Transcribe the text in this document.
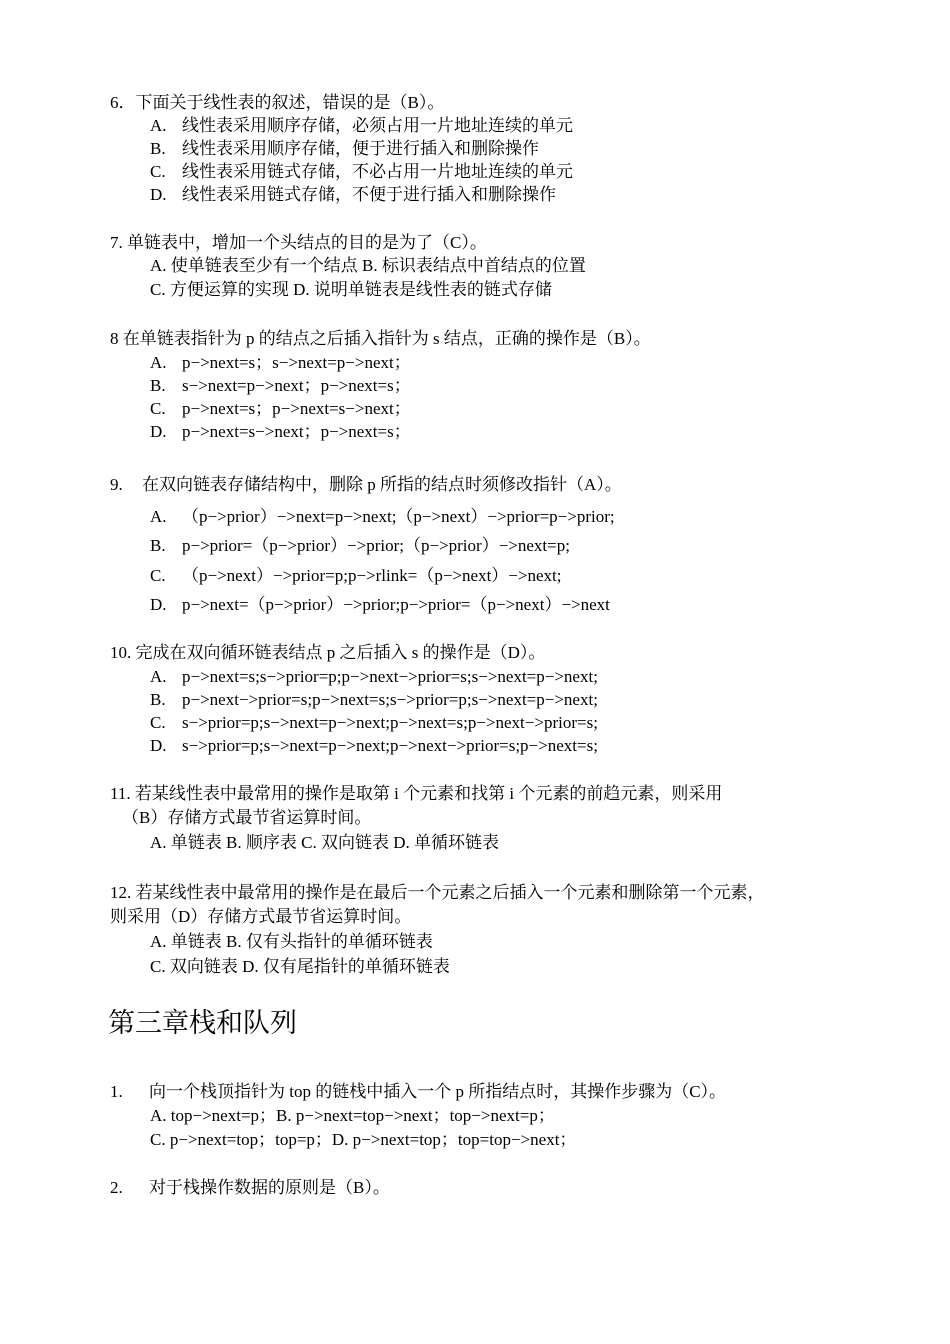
6．下面关于线性表的叙述，错误的是（B）。
A. 线性表采用顺序存储，必须占用一片地址连续的单元
B. 线性表采用顺序存储，便于进行插入和删除操作
C. 线性表采用链式存储，不必占用一片地址连续的单元
D. 线性表采用链式存储，不便于进行插入和删除操作
7. 单链表中，增加一个头结点的目的是为了（C）。
A. 使单链表至少有一个结点 B. 标识表结点中首结点的位置
C. 方便运算的实现 D. 说明单链表是线性表的链式存储
8 在单链表指针为 p 的结点之后插入指针为 s 结点，正确的操作是（B）。
A. p−>next=s；s−>next=p−>next；
B. s−>next=p−>next；p−>next=s；
C. p−>next=s；p−>next=s−>next；
D. p−>next=s−>next；p−>next=s；
9. 在双向链表存储结构中，删除 p 所指的结点时须修改指针（A）。
A. （p−>prior）−>next=p−>next;（p−>next）−>prior=p−>prior;
B. p−>prior=（p−>prior）−>prior;（p−>prior）−>next=p;
C. （p−>next）−>prior=p;p−>rlink=（p−>next）−>next;
D. p−>next=（p−>prior）−>prior;p−>prior=（p−>next）−>next
10. 完成在双向循环链表结点 p 之后插入 s 的操作是（D）。
A. p−>next=s;s−>prior=p;p−>next−>prior=s;s−>next=p−>next;
B. p−>next−>prior=s;p−>next=s;s−>prior=p;s−>next=p−>next;
C. s−>prior=p;s−>next=p−>next;p−>next=s;p−>next−>prior=s;
D. s−>prior=p;s−>next=p−>next;p−>next−>prior=s;p−>next=s;
11. 若某线性表中最常用的操作是取第 i 个元素和找第 i 个元素的前趋元素，则采用
（B）存储方式最节省运算时间。
A. 单链表 B. 顺序表 C. 双向链表 D. 单循环链表
12. 若某线性表中最常用的操作是在最后一个元素之后插入一个元素和删除第一个元素，
则采用（D）存储方式最节省运算时间。
A. 单链表 B. 仅有头指针的单循环链表
C. 双向链表 D. 仅有尾指针的单循环链表
第三章栈和队列
1. 向一个栈顶指针为 top 的链栈中插入一个 p 所指结点时，其操作步骤为（C）。
A. top−>next=p；B. p−>next=top−>next；top−>next=p；
C. p−>next=top；top=p；D. p−>next=top；top=top−>next；
2. 对于栈操作数据的原则是（B）。
